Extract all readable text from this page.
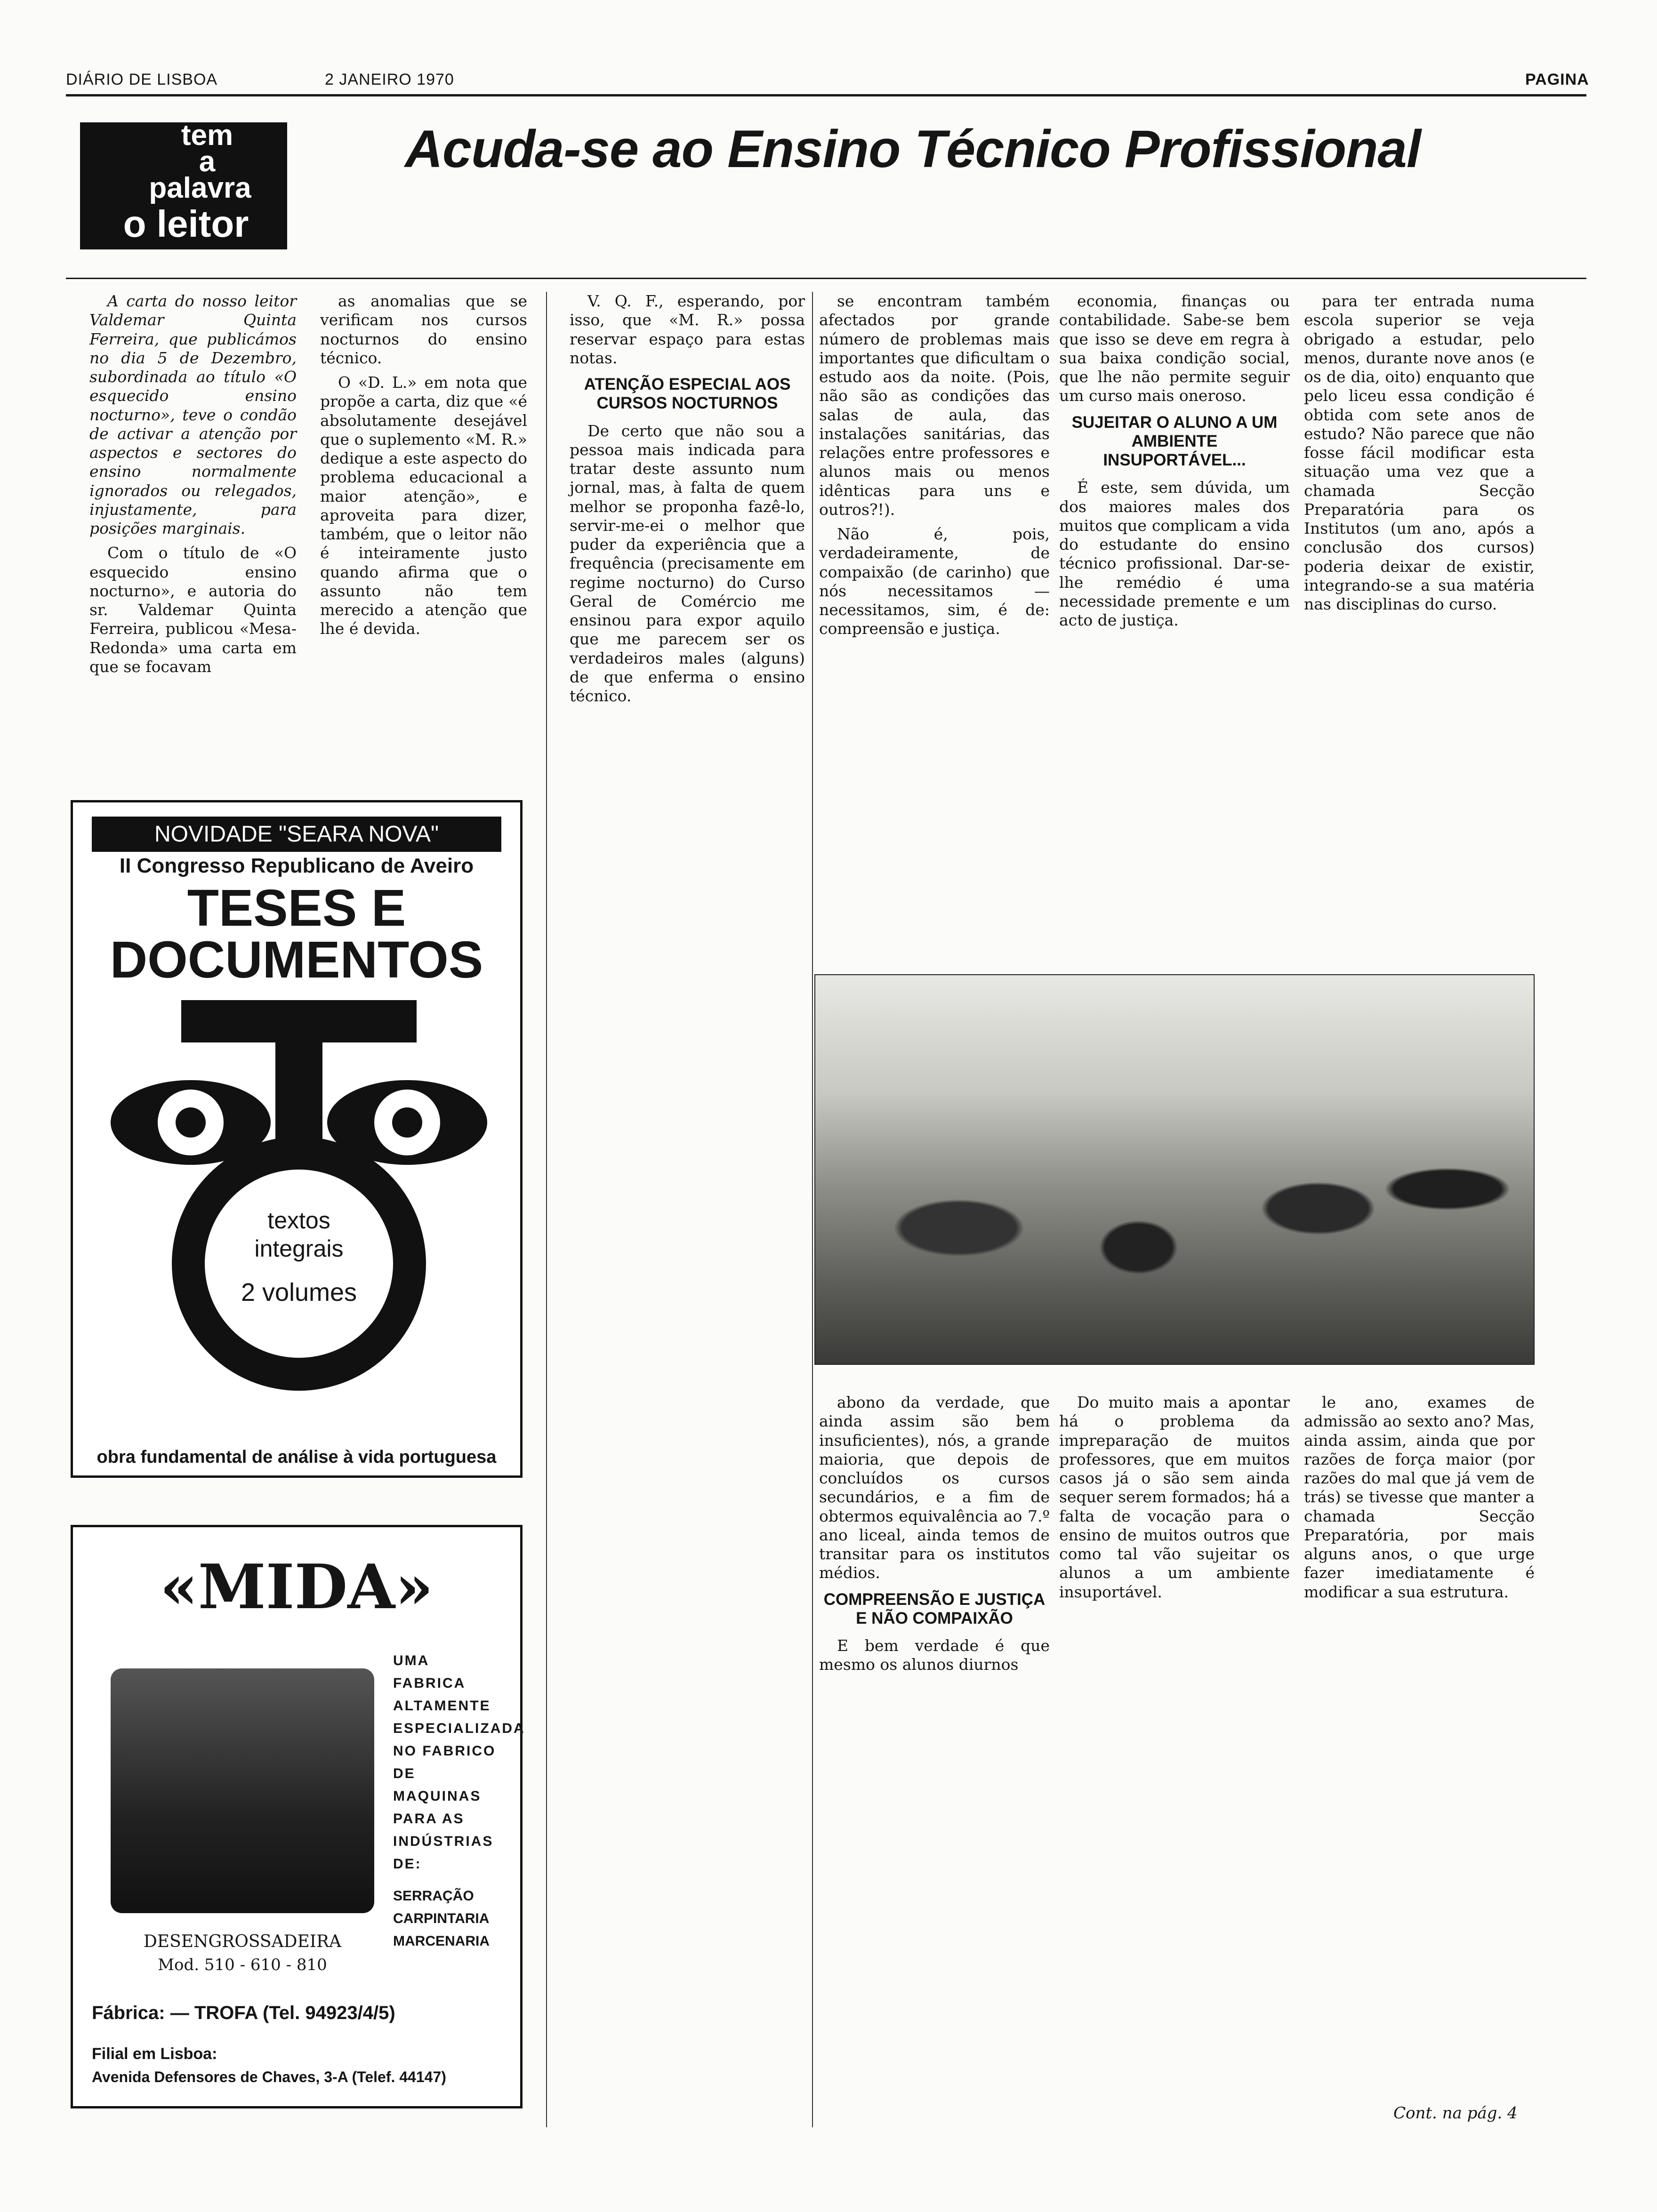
DIÁRIO DE LISBOA	2 JANEIRO 1970	PAGINA
tem
a
palavra
o leitor
Acuda-se ao Ensino Técnico Profissional

A carta do nosso leitor Valdemar Quinta Ferreira, que publicámos no dia 5 de Dezembro, subordinada ao título «O esquecido ensino nocturno», teve o condão de activar a atenção por aspectos e sectores do ensino normalmente ignorados ou relegados, injustamente, para posições marginais.

Com o título de «O esquecido ensino nocturno», e autoria do sr. Valdemar Quinta Ferreira, publicou «Mesa-Redonda» uma carta em que se focavam

as anomalias que se verificam nos cursos nocturnos do ensino técnico.

O «D. L.» em nota que propõe a carta, diz que «é absolutamente desejável que o suplemento «M. R.» dedique a este aspecto do problema educacional a maior atenção», e aproveita para dizer, também, que o leitor não é inteiramente justo quando afirma que o assunto não tem merecido a atenção que lhe é devida.

NOVIDADE "SEARA NOVA"
II Congresso Republicano de Aveiro
TESES E
DOCUMENTOS
textos
integrais
2 volumes
obra fundamental de análise à vida portuguesa
«MIDA»
UMA FABRICA ALTAMENTE ESPECIALIZADA NO FABRICO DE MAQUINAS PARA AS INDÚSTRIAS DE:
SERRAÇÃO
CARPINTARIA
MARCENARIA
DESENGROSSADEIRA
Mod. 510 - 610 - 810
Fábrica: — TROFA (Tel. 94923/4/5)
Filial em Lisboa:
Avenida Defensores de Chaves, 3-A (Telef. 44147)

V. Q. F., esperando, por isso, que «M. R.» possa reservar espaço para estas notas.

ATENÇÃO ESPECIAL AOS CURSOS NOCTURNOS

De certo que não sou a pessoa mais indicada para tratar deste assunto num jornal, mas, à falta de quem melhor se proponha fazê-lo, servir-me-ei o melhor que puder da experiência que a frequência (precisamente em regime nocturno) do Curso Geral de Comércio me ensinou para expor aquilo que me parecem ser os verdadeiros males (alguns) de que enferma o ensino técnico.

se encontram também afectados por grande número de problemas mais importantes que dificultam o estudo aos da noite. (Pois, não são as condições das salas de aula, das instalações sanitárias, das relações entre professores e alunos mais ou menos idênticas para uns e outros?!).

Não é, pois, verdadeiramente, de compaixão (de carinho) que nós necessitamos — necessitamos, sim, é de: compreensão e justiça.

economia, finanças ou contabilidade. Sabe-se bem que isso se deve em regra à sua baixa condição social, que lhe não permite seguir um curso mais oneroso.

SUJEITAR O ALUNO A UM AMBIENTE INSUPORTÁVEL...

É este, sem dúvida, um dos maiores males dos muitos que complicam a vida do estudante do ensino técnico profissional. Dar-se-lhe remédio é uma necessidade premente e um acto de justiça.

para ter entrada numa escola superior se veja obrigado a estudar, pelo menos, durante nove anos (e os de dia, oito) enquanto que pelo liceu essa condição é obtida com sete anos de estudo? Não parece que não fosse fácil modificar esta situação uma vez que a chamada Secção Preparatória para os Institutos (um ano, após a conclusão dos cursos) poderia deixar de existir, integrando-se a sua matéria nas disciplinas do curso.

abono da verdade, que ainda assim são bem insuficientes), nós, a grande maioria, que depois de concluídos os cursos secundários, e a fim de obtermos equivalência ao 7.º ano liceal, ainda temos de transitar para os institutos médios.

COMPREENSÃO E JUSTIÇA E NÃO COMPAIXÃO

E bem verdade é que mesmo os alunos diurnos

Do muito mais a apontar há o problema da impreparação de muitos professores, que em muitos casos já o são sem ainda sequer serem formados; há a falta de vocação para o ensino de muitos outros que como tal vão sujeitar os alunos a um ambiente insuportável.

le ano, exames de admissão ao sexto ano? Mas, ainda assim, ainda que por razões de força maior (por razões do mal que já vem de trás) se tivesse que manter a chamada Secção Preparatória, por mais alguns anos, o que urge fazer imediatamente é modificar a sua estrutura.

Cont. na pág. 4
